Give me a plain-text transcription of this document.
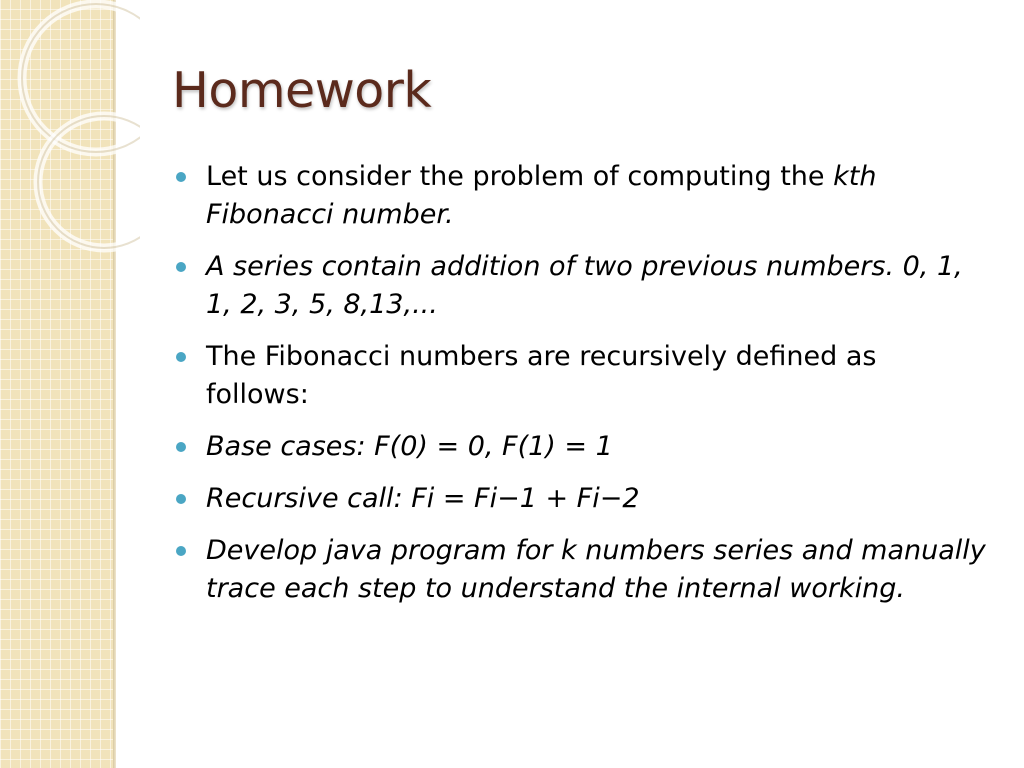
Homework
Let us consider the problem of computing the kth Fibonacci number.
A series contain addition of two previous numbers. 0, 1, 1, 2, 3, 5, 8,13,...
The Fibonacci numbers are recursively defined as follows:
Base cases: F(0) = 0, F(1) = 1
Recursive call: Fi = Fi−1 + Fi−2
Develop java program for k numbers series and manually trace each step to understand the internal working.
